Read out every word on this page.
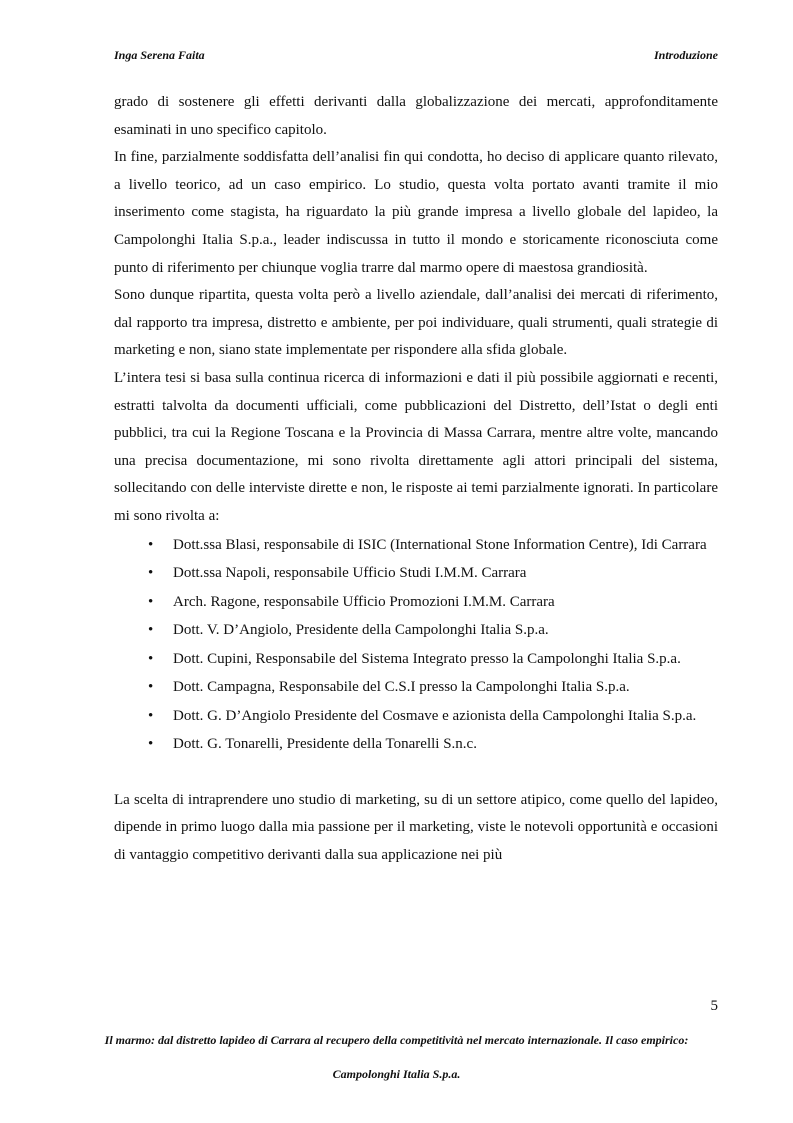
Inga Serena Faita	Introduzione

grado di sostenere gli effetti derivanti dalla globalizzazione dei mercati, approfonditamente esaminati in uno specifico capitolo.

In fine, parzialmente soddisfatta dell’analisi fin qui condotta, ho deciso di applicare quanto rilevato, a livello teorico, ad un caso empirico. Lo studio, questa volta portato avanti tramite il mio inserimento come stagista, ha riguardato la più grande impresa a livello globale del lapideo, la Campolonghi Italia S.p.a., leader indiscussa in tutto il mondo e storicamente riconosciuta come punto di riferimento per chiunque voglia trarre dal marmo opere di maestosa grandiosità.

Sono dunque ripartita, questa volta però a livello aziendale, dall’analisi dei mercati di riferimento, dal rapporto tra impresa, distretto e ambiente, per poi individuare, quali strumenti, quali strategie di marketing e non, siano state implementate per rispondere alla sfida globale.

L’intera tesi si basa sulla continua ricerca di informazioni e dati il più possibile aggiornati e recenti, estratti talvolta da documenti ufficiali, come pubblicazioni del Distretto, dell’Istat o degli enti pubblici, tra cui la Regione Toscana e la Provincia di Massa Carrara, mentre altre volte, mancando una precisa documentazione, mi sono rivolta direttamente agli attori principali del sistema, sollecitando con delle interviste dirette e non, le risposte ai temi parzialmente ignorati. In particolare mi sono rivolta a:

• Dott.ssa Blasi, responsabile di ISIC (International Stone Information Centre), Idi Carrara
• Dott.ssa Napoli, responsabile Ufficio Studi I.M.M. Carrara
• Arch. Ragone, responsabile Ufficio Promozioni I.M.M. Carrara
• Dott. V. D’Angiolo, Presidente della Campolonghi Italia S.p.a.
• Dott. Cupini, Responsabile del Sistema Integrato presso la Campolonghi Italia S.p.a.
• Dott. Campagna, Responsabile del C.S.I presso la Campolonghi Italia S.p.a.
• Dott. G. D’Angiolo Presidente del Cosmave e azionista della Campolonghi Italia S.p.a.
• Dott. G. Tonarelli, Presidente della Tonarelli S.n.c.

La scelta di intraprendere uno studio di marketing, su di un settore atipico, come quello del lapideo, dipende in primo luogo dalla mia passione per il marketing, viste le notevoli opportunità e occasioni di vantaggio competitivo derivanti dalla sua applicazione nei più

5
Il marmo: dal distretto lapideo di Carrara al recupero della competitività nel mercato internazionale. Il caso empirico:
Campolonghi Italia S.p.a.
